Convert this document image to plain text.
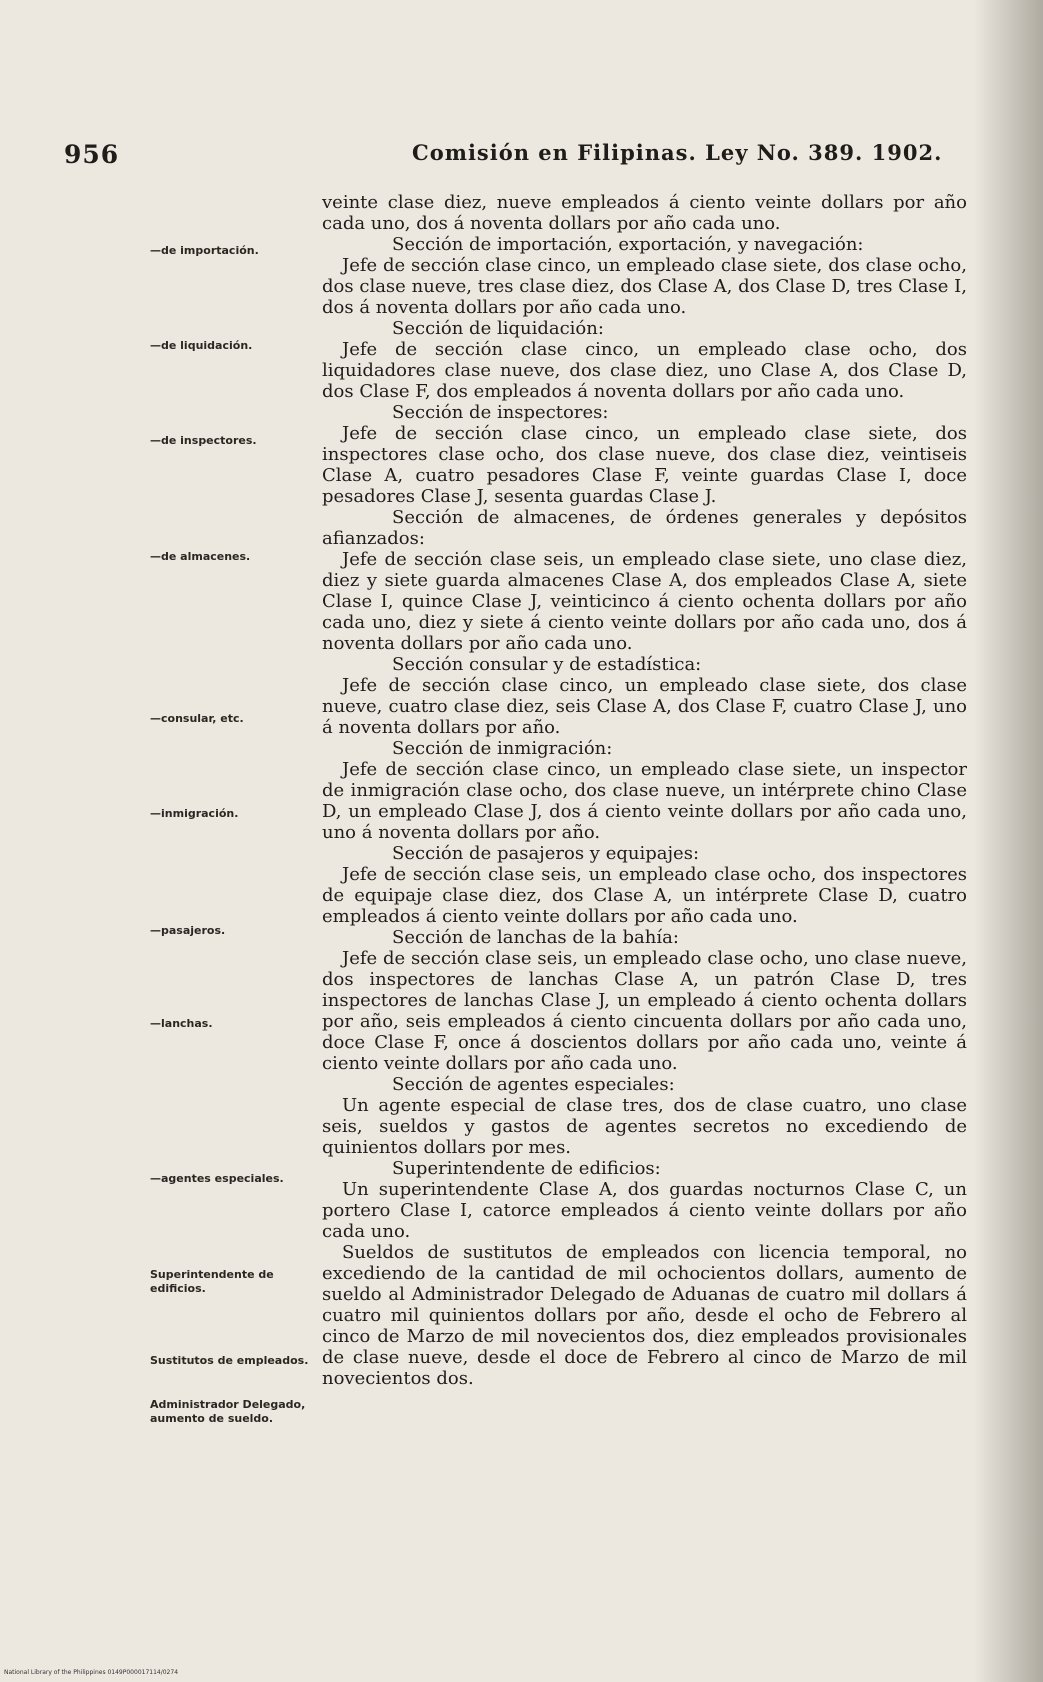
956	Comisión en Filipinas. Ley No. 389. 1902.
—de importación.
—de liquidación.
—de inspectores.
—de almacenes.
—consular, etc.
—inmigración.
—pasajeros.
—lanchas.
—agentes especiales.
Superintendente de edificios.
Sustitutos de empleados.
Administrador Delegado, aumento de sueldo.

veinte clase diez, nueve empleados á ciento veinte dollars por año cada uno, dos á noventa dollars por año cada uno.

Sección de importación, exportación, y navegación:

Jefe de sección clase cinco, un empleado clase siete, dos clase ocho, dos clase nueve, tres clase diez, dos Clase A, dos Clase D, tres Clase I, dos á noventa dollars por año cada uno.

Sección de liquidación:

Jefe de sección clase cinco, un empleado clase ocho, dos liquidadores clase nueve, dos clase diez, uno Clase A, dos Clase D, dos Clase F, dos empleados á noventa dollars por año cada uno.

Sección de inspectores:

Jefe de sección clase cinco, un empleado clase siete, dos inspectores clase ocho, dos clase nueve, dos clase diez, veintiseis Clase A, cuatro pesadores Clase F, veinte guardas Clase I, doce pesadores Clase J, sesenta guardas Clase J.

Sección de almacenes, de órdenes generales y depósitos afianzados:

Jefe de sección clase seis, un empleado clase siete, uno clase diez, diez y siete guarda almacenes Clase A, dos empleados Clase A, siete Clase I, quince Clase J, veinticinco á ciento ochenta dollars por año cada uno, diez y siete á ciento veinte dollars por año cada uno, dos á noventa dollars por año cada uno.

Sección consular y de estadística:

Jefe de sección clase cinco, un empleado clase siete, dos clase nueve, cuatro clase diez, seis Clase A, dos Clase F, cuatro Clase J, uno á noventa dollars por año.

Sección de inmigración:

Jefe de sección clase cinco, un empleado clase siete, un inspector de inmigración clase ocho, dos clase nueve, un intérprete chino Clase D, un empleado Clase J, dos á ciento veinte dollars por año cada uno, uno á noventa dollars por año.

Sección de pasajeros y equipajes:

Jefe de sección clase seis, un empleado clase ocho, dos inspectores de equipaje clase diez, dos Clase A, un intérprete Clase D, cuatro empleados á ciento veinte dollars por año cada uno.

Sección de lanchas de la bahía:

Jefe de sección clase seis, un empleado clase ocho, uno clase nueve, dos inspectores de lanchas Clase A, un patrón Clase D, tres inspectores de lanchas Clase J, un empleado á ciento ochenta dollars por año, seis empleados á ciento cincuenta dollars por año cada uno, doce Clase F, once á doscientos dollars por año cada uno, veinte á ciento veinte dollars por año cada uno.

Sección de agentes especiales:

Un agente especial de clase tres, dos de clase cuatro, uno clase seis, sueldos y gastos de agentes secretos no excediendo de quinientos dollars por mes.

Superintendente de edificios:

Un superintendente Clase A, dos guardas nocturnos Clase C, un portero Clase I, catorce empleados á ciento veinte dollars por año cada uno.

Sueldos de sustitutos de empleados con licencia temporal, no excediendo de la cantidad de mil ochocientos dollars, aumento de sueldo al Administrador Delegado de Aduanas de cuatro mil dollars á cuatro mil quinientos dollars por año, desde el ocho de Febrero al cinco de Marzo de mil novecientos dos, diez empleados provisionales de clase nueve, desde el doce de Febrero al cinco de Marzo de mil novecientos dos.

National Library of the Philippines 0149P000017114/0274
